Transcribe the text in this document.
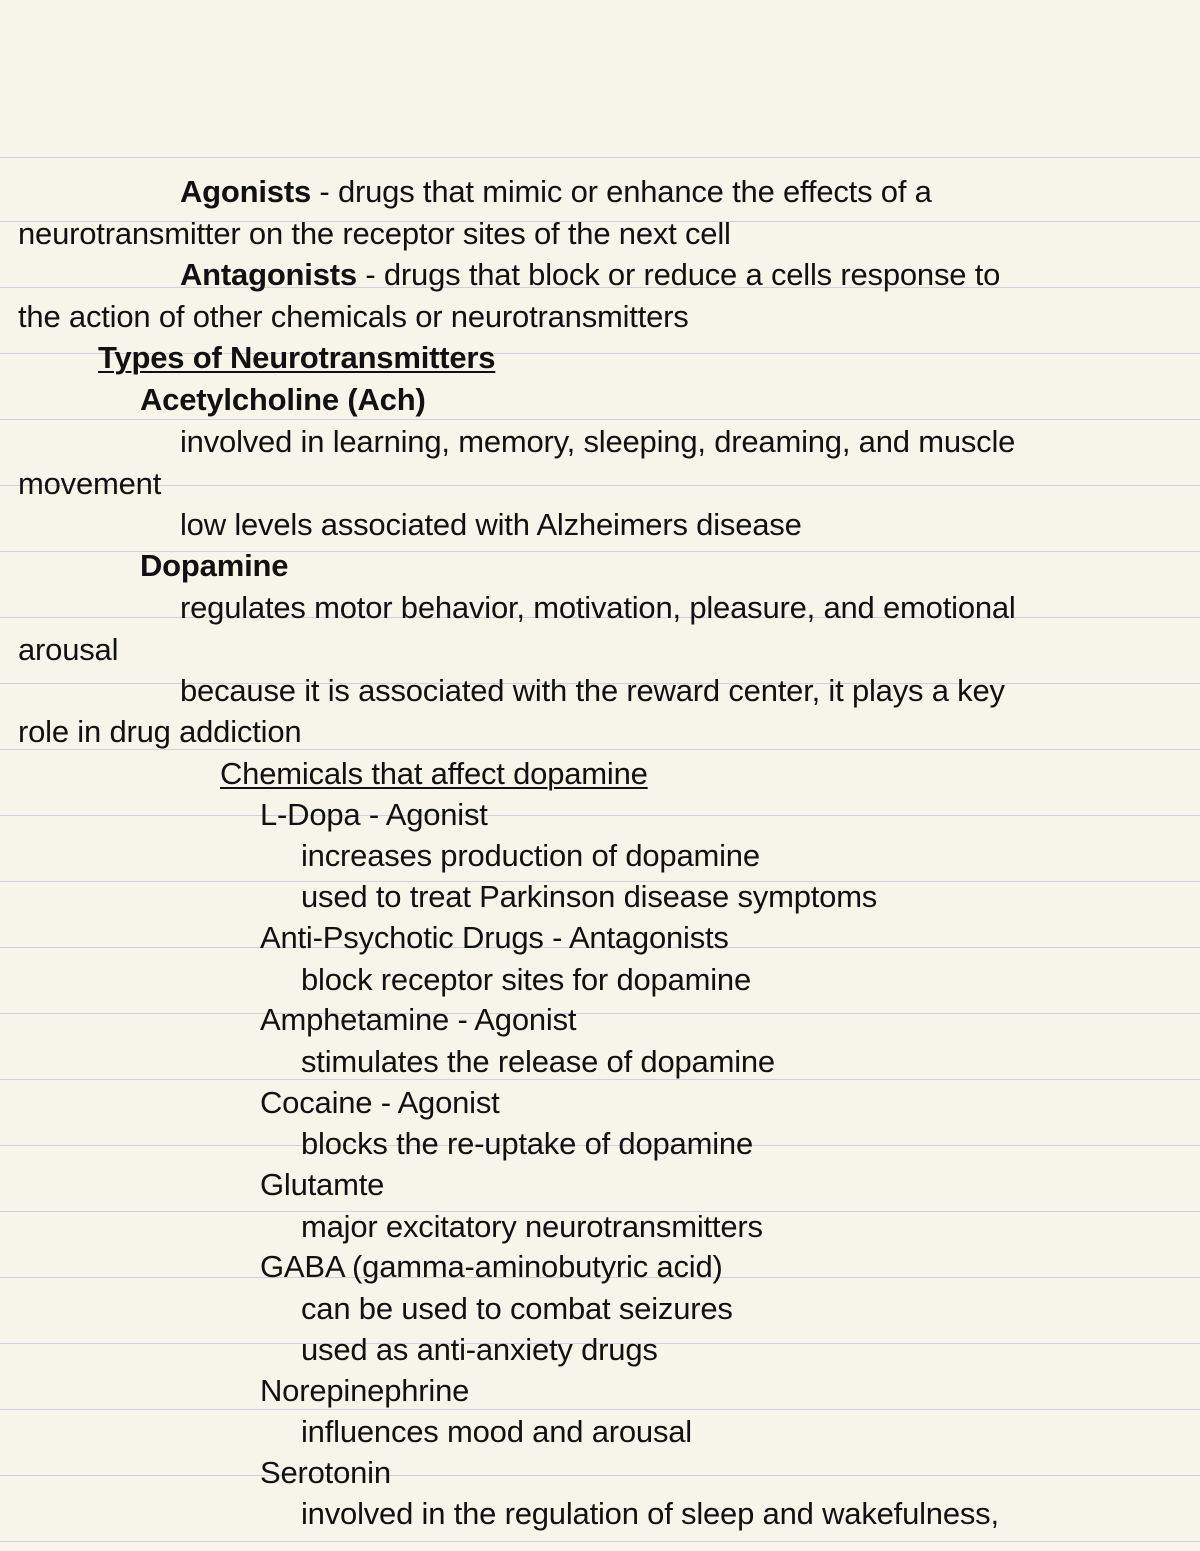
Agonists - drugs that mimic or enhance the effects of a
neurotransmitter on the receptor sites of the next cell
Antagonists - drugs that block or reduce a cells response to
the action of other chemicals or neurotransmitters
Types of Neurotransmitters
Acetylcholine (Ach)
involved in learning, memory, sleeping, dreaming, and muscle
movement
low levels associated with Alzheimers disease
Dopamine
regulates motor behavior, motivation, pleasure, and emotional
arousal
because it is associated with the reward center, it plays a key
role in drug addiction
Chemicals that affect dopamine
L-Dopa - Agonist
increases production of dopamine
used to treat Parkinson disease symptoms
Anti-Psychotic Drugs - Antagonists
block receptor sites for dopamine
Amphetamine - Agonist
stimulates the release of dopamine
Cocaine - Agonist
blocks the re-uptake of dopamine
Glutamte
major excitatory neurotransmitters
GABA (gamma-aminobutyric acid)
can be used to combat seizures
used as anti-anxiety drugs
Norepinephrine
influences mood and arousal
Serotonin
involved in the regulation of sleep and wakefulness,
